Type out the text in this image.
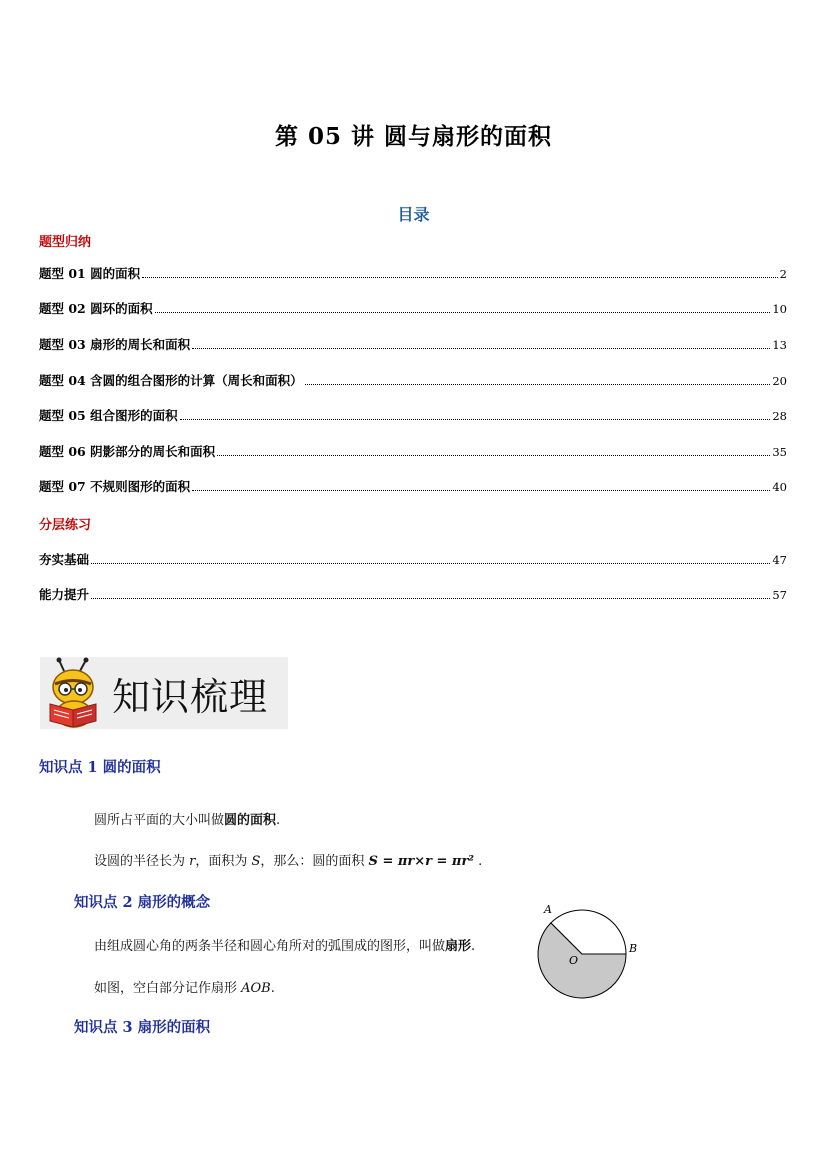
第 05 讲 圆与扇形的面积
目录
题型归纳
题型 01 圆的面积	2
题型 02 圆环的面积	10
题型 03 扇形的周长和面积	13
题型 04 含圆的组合图形的计算（周长和面积）	20
题型 05 组合图形的面积	28
题型 06 阴影部分的周长和面积	35
题型 07 不规则图形的面积	40
分层练习
夯实基础	47
能力提升	57
知识梳理
知识点 1 圆的面积
圆所占平面的大小叫做圆的面积.
设圆的半径长为 r，面积为 S，那么：圆的面积 S = πr×r = πr² .
知识点 2 扇形的概念
由组成圆心角的两条半径和圆心角所对的弧围成的图形，叫做扇形.
如图，空白部分记作扇形 AOB.
知识点 3 扇形的面积
A
B
O
